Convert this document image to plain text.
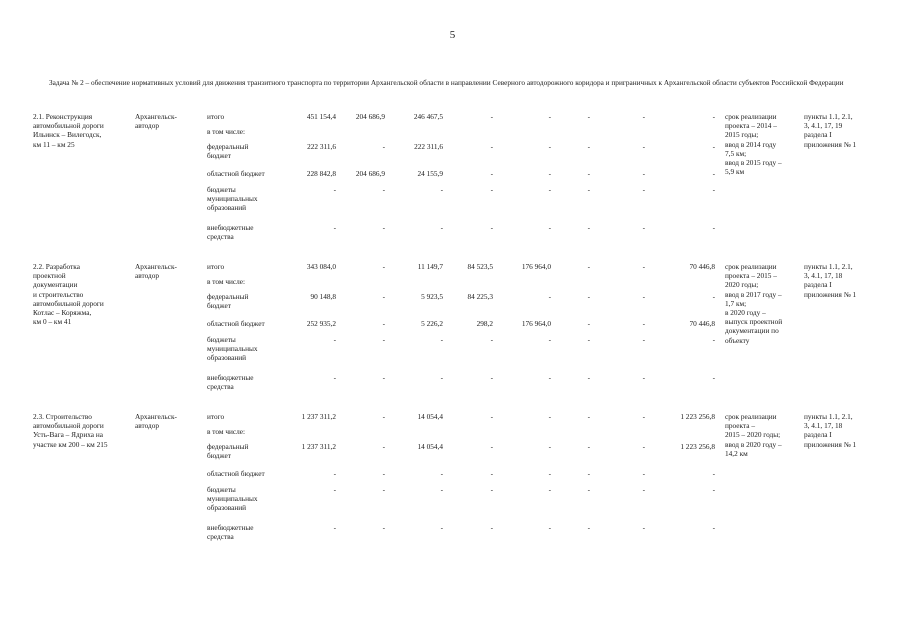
5
Задача № 2 – обеспечение нормативных условий для движения транзитного транспорта по территории Архангельской области в направлении Северного автодорожного коридора и приграничных к Архангельской области субъектов Российской Федерации
2.1. Реконструкция
автомобильной дороги
Ильинск – Вилегодск,
км 11 – км 25
Архангельск-
автодор
срок реализации
проекта – 2014 –
2015 годы;
ввод в 2014 году
7,5 км;
ввод в 2015 году –
5,9 км
пункты 1.1, 2.1,
3, 4.1, 17, 19
раздела I
приложения № 1
итого	451 154,4	204 686,9	246 467,5	-	-	-	-	-
в том числе:
федеральный
бюджет
222 311,6	-	222 311,6	-	-	-	-	-
областной бюджет	228 842,8	204 686,9	24 155,9	-	-	-	-	-
бюджеты
муниципальных
образований
-	-	-	-	-	-	-	-
внебюджетные
средства
-	-	-	-	-	-	-	-
2.2. Разработка
проектной
документации
и строительство
автомобильной дороги
Котлас – Коряжма,
км 0 – км 41
Архангельск-
автодор
срок реализации
проекта – 2015 –
2020 годы;
ввод в 2017 году –
1,7 км;
в 2020 году –
выпуск проектной
документации по
объекту
пункты 1.1, 2.1,
3, 4.1, 17, 18
раздела I
приложения № 1
итого	343 084,0	-	11 149,7	84 523,5	176 964,0	-	-	70 446,8
в том числе:
федеральный
бюджет
90 148,8	-	5 923,5	84 225,3	-	-	-	-
областной бюджет	252 935,2	-	5 226,2	298,2	176 964,0	-	-	70 446,8
бюджеты
муниципальных
образований
-	-	-	-	-	-	-	-
внебюджетные
средства
-	-	-	-	-	-	-	-
2.3. Строительство
автомобильной дороги
Усть-Вага – Ядриха на
участке км 200 – км 215
Архангельск-
автодор
срок реализации
проекта –
2015 – 2020 годы;
ввод в 2020 году –
14,2 км
пункты 1.1, 2.1,
3, 4.1, 17, 18
раздела I
приложения № 1
итого	1 237 311,2	-	14 054,4	-	-	-	-	1 223 256,8
в том числе:
федеральный
бюджет
1 237 311,2	-	14 054,4	-	-	-	-	1 223 256,8
областной бюджет	-	-	-	-	-	-	-	-
бюджеты
муниципальных
образований
-	-	-	-	-	-	-	-
внебюджетные
средства
-	-	-	-	-	-	-	-
